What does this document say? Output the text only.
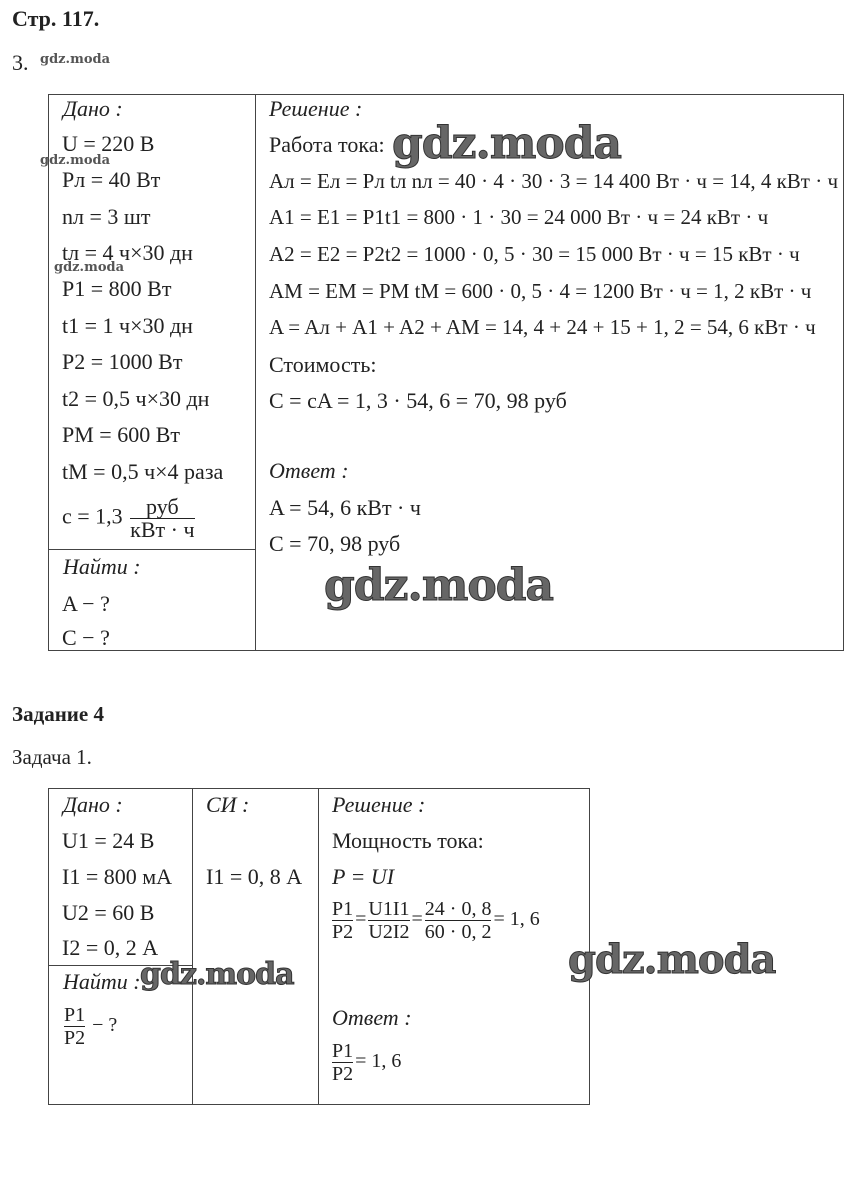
Стр. 117.
3. gdz.moda
Дано :
U = 220 В
Pл = 40 Вт
nл = 3 шт
tл = 4 ч×30 дн
P1 = 800 Вт
t1 = 1 ч×30 дн
P2 = 1000 Вт
t2 = 0,5 ч×30 дн
PM = 600 Вт
tM = 0,5 ч×4 раза
$c = 1,3 \frac{\text{руб}}{\text{кВт · ч}}$
Найти :
A − ?
C − ?
Решение :
Работа тока:
Aл = Eл = Pл tл nл = 40 · 4 · 30 · 3 = 14 400 Вт · ч = 14, 4 кВт · ч
A1 = E1 = P1t1 = 800 · 1 · 30 = 24 000 Вт · ч = 24 кВт · ч
A2 = E2 = P2t2 = 1000 · 0, 5 · 30 = 15 000 Вт · ч = 15 кВт · ч
AM = EM = PM tM = 600 · 0, 5 · 4 = 1200 Вт · ч = 1, 2 кВт · ч
A = Aл + A1 + A2 + AM = 14, 4 + 24 + 15 + 1, 2 = 54, 6 кВт · ч
Стоимость:
C = cA = 1, 3 · 54, 6 = 70, 98 руб
Ответ :
A = 54, 6 кВт · ч
C = 70, 98 руб
gdz.moda
gdz.moda
gdz.moda
gdz.moda
Задание 4
Задача 1.
Дано :
U1 = 24 В
I1 = 800 мА
U2 = 60 В
I2 = 0, 2 А
Найти :
$\frac{P1}{P2}$ − ?
СИ :
I1 = 0, 8 А
Решение :
Мощность тока:
P = UI
$\frac{P1}{P2} = \frac{U1I1}{U2I2} = \frac{24 \cdot 0, 8}{60 \cdot 0, 2} = 1$, 6
Ответ :
$\frac{P1}{P2} = 1$, 6
gdz.moda	gdz.moda
